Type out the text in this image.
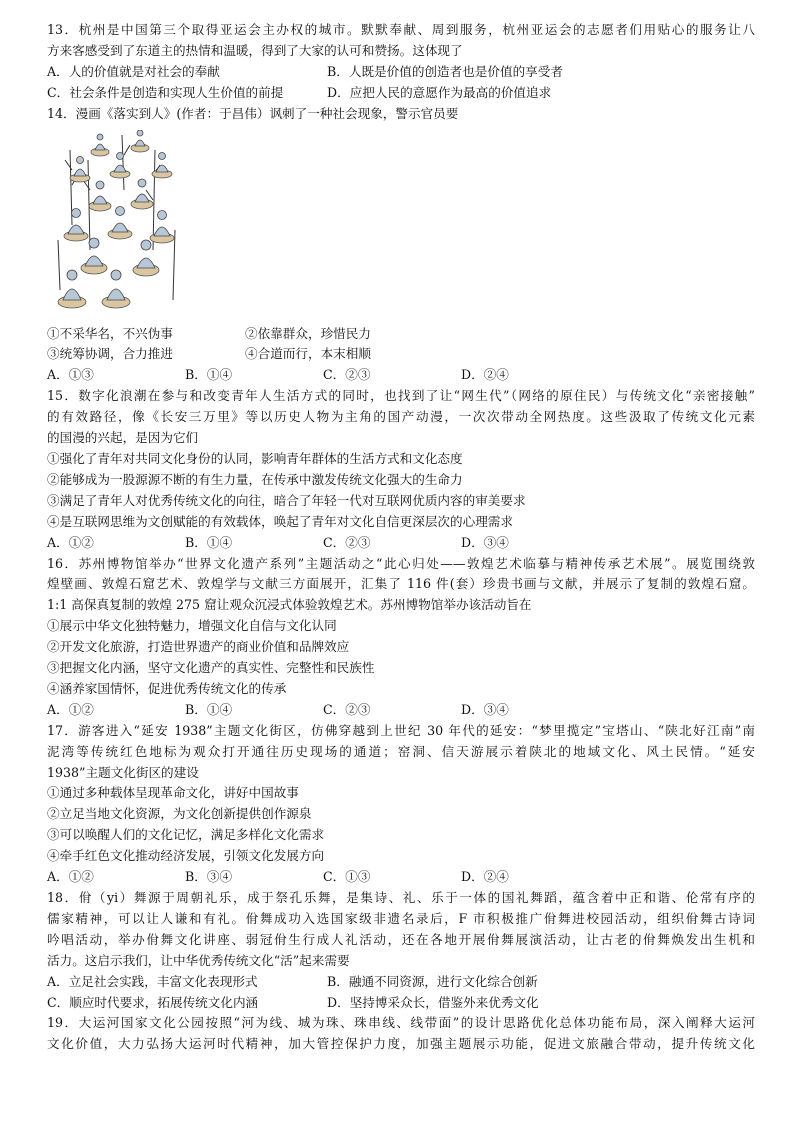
13．杭州是中国第三个取得亚运会主办权的城市。默默奉献、周到服务，杭州亚运会的志愿者们用贴心的服务让八
方来客感受到了东道主的热情和温暖，得到了大家的认可和赞扬。这体现了
A．人的价值就是对社会的奉献	B．人既是价值的创造者也是价值的享受者
C．社会条件是创造和实现人生价值的前提	D．应把人民的意愿作为最高的价值追求
14．漫画《落实到人》(作者：于昌伟）讽刺了一种社会现象，警示官员要
①不采华名，不兴伪事	②依靠群众，珍惜民力
③统筹协调，合力推进	④合道而行，本末相顺
A．①③	B．①④	C．②③	D．②④
15．数字化浪潮在参与和改变青年人生活方式的同时，也找到了让“网生代”（网络的原住民）与传统文化“亲密接触”
的有效路径，像《长安三万里》等以历史人物为主角的国产动漫，一次次带动全网热度。这些汲取了传统文化元素
的国漫的兴起，是因为它们
①强化了青年对共同文化身份的认同，影响青年群体的生活方式和文化态度
②能够成为一股源源不断的有生力量，在传承中激发传统文化强大的生命力
③满足了青年人对优秀传统文化的向往，暗合了年轻一代对互联网优质内容的审美要求
④是互联网思维为文创赋能的有效载体，唤起了青年对文化自信更深层次的心理需求
A．①②	B．①④	C．②③	D．③④
16．苏州博物馆举办“世界文化遗产系列”主题活动之“此心归处——敦煌艺术临摹与精神传承艺术展”。展览围绕敦
煌壁画、敦煌石窟艺术、敦煌学与文献三方面展开，汇集了 116 件(套）珍贵书画与文献，并展示了复制的敦煌石窟。
1:1 高保真复制的敦煌 275 窟让观众沉浸式体验敦煌艺术。苏州博物馆举办该活动旨在
①展示中华文化独特魅力，增强文化自信与文化认同
②开发文化旅游，打造世界遗产的商业价值和品牌效应
③把握文化内涵，坚守文化遗产的真实性、完整性和民族性
④涵养家国情怀，促进优秀传统文化的传承
A．①②	B．①④	C．②③	D．③④
17．游客进入“延安 1938”主题文化街区，仿佛穿越到上世纪 30 年代的延安：“梦里揽定”宝塔山、“陕北好江南”南
泥湾等传统红色地标为观众打开通往历史现场的通道；窑洞、信天游展示着陕北的地域文化、风土民情。“延安
1938”主题文化街区的建设
①通过多种载体呈现革命文化，讲好中国故事
②立足当地文化资源，为文化创新提供创作源泉
③可以唤醒人们的文化记忆，满足多样化文化需求
④牵手红色文化推动经济发展，引领文化发展方向
A．①②	B．③④	C．①③	D．②④
18．佾（yi）舞源于周朝礼乐，成于祭孔乐舞，是集诗、礼、乐于一体的国礼舞蹈，蕴含着中正和谐、伦常有序的
儒家精神，可以让人谦和有礼。佾舞成功入选国家级非遗名录后，F 市积极推广佾舞进校园活动，组织佾舞古诗词
吟唱活动，举办佾舞文化讲座、弱冠佾生行成人礼活动，还在各地开展佾舞展演活动，让古老的佾舞焕发出生机和
活力。这启示我们，让中华优秀传统文化“活”起来需要
A．立足社会实践，丰富文化表现形式	B．融通不同资源，进行文化综合创新
C．顺应时代要求，拓展传统文化内涵	D．坚持博采众长，借鉴外来优秀文化
19．大运河国家文化公园按照“河为线、城为珠、珠串线、线带面”的设计思路优化总体功能布局，深入阐释大运河
文化价值，大力弘扬大运河时代精神，加大管控保护力度，加强主题展示功能，促进文旅融合带动，提升传统文化
